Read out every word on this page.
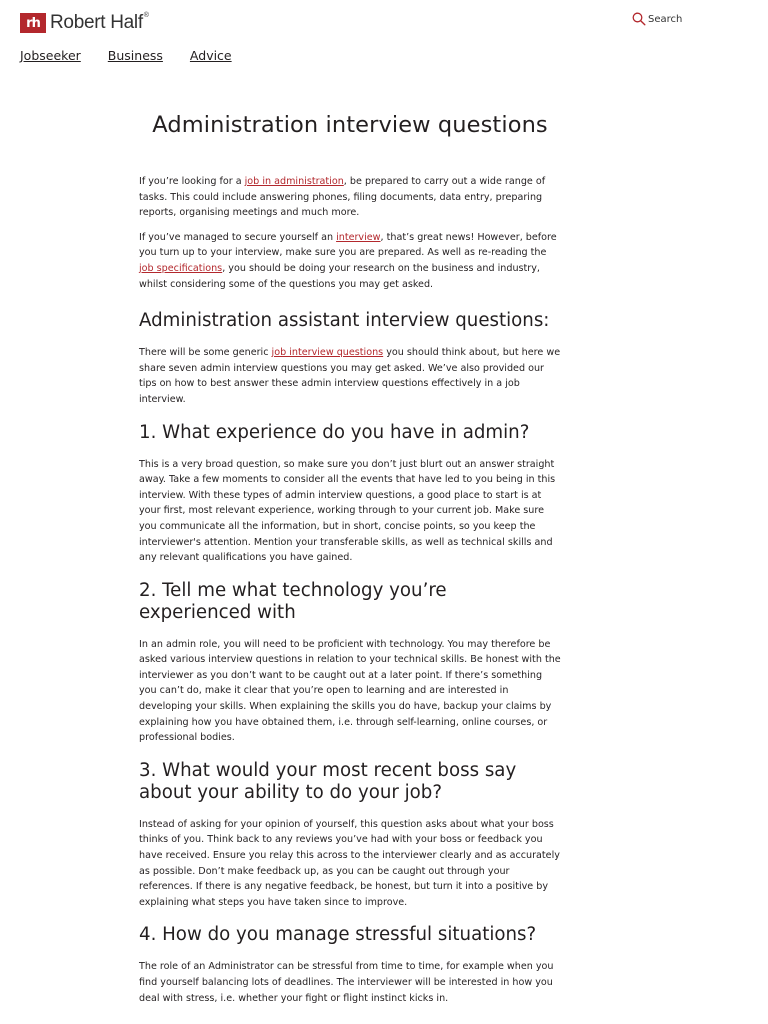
rh Robert Half®	Search
Jobseeker Business Advice
Administration interview questions

If you’re looking for a job in administration, be prepared to carry out a wide range of tasks. This could include answering phones, filing documents, data entry, preparing reports, organising meetings and much more.

If you’ve managed to secure yourself an interview, that’s great news! However, before you turn up to your interview, make sure you are prepared. As well as re-reading the job specifications, you should be doing your research on the business and industry, whilst considering some of the questions you may get asked.

Administration assistant interview questions:

There will be some generic job interview questions you should think about, but here we share seven admin interview questions you may get asked. We’ve also provided our tips on how to best answer these admin interview questions effectively in a job interview.

1. What experience do you have in admin?

This is a very broad question, so make sure you don’t just blurt out an answer straight away. Take a few moments to consider all the events that have led to you being in this interview. With these types of admin interview questions, a good place to start is at your first, most relevant experience, working through to your current job. Make sure you communicate all the information, but in short, concise points, so you keep the interviewer's attention. Mention your transferable skills, as well as technical skills and any relevant qualifications you have gained.

2. Tell me what technology you’re experienced with

In an admin role, you will need to be proficient with technology. You may therefore be asked various interview questions in relation to your technical skills. Be honest with the interviewer as you don’t want to be caught out at a later point. If there’s something you can’t do, make it clear that you’re open to learning and are interested in developing your skills. When explaining the skills you do have, backup your claims by explaining how you have obtained them, i.e. through self-learning, online courses, or professional bodies.

3. What would your most recent boss say about your ability to do your job?

Instead of asking for your opinion of yourself, this question asks about what your boss thinks of you. Think back to any reviews you’ve had with your boss or feedback you have received. Ensure you relay this across to the interviewer clearly and as accurately as possible. Don’t make feedback up, as you can be caught out through your references. If there is any negative feedback, be honest, but turn it into a positive by explaining what steps you have taken since to improve.

4. How do you manage stressful situations?

The role of an Administrator can be stressful from time to time, for example when you find yourself balancing lots of deadlines. The interviewer will be interested in how you deal with stress, i.e. whether your fight or flight instinct kicks in.
